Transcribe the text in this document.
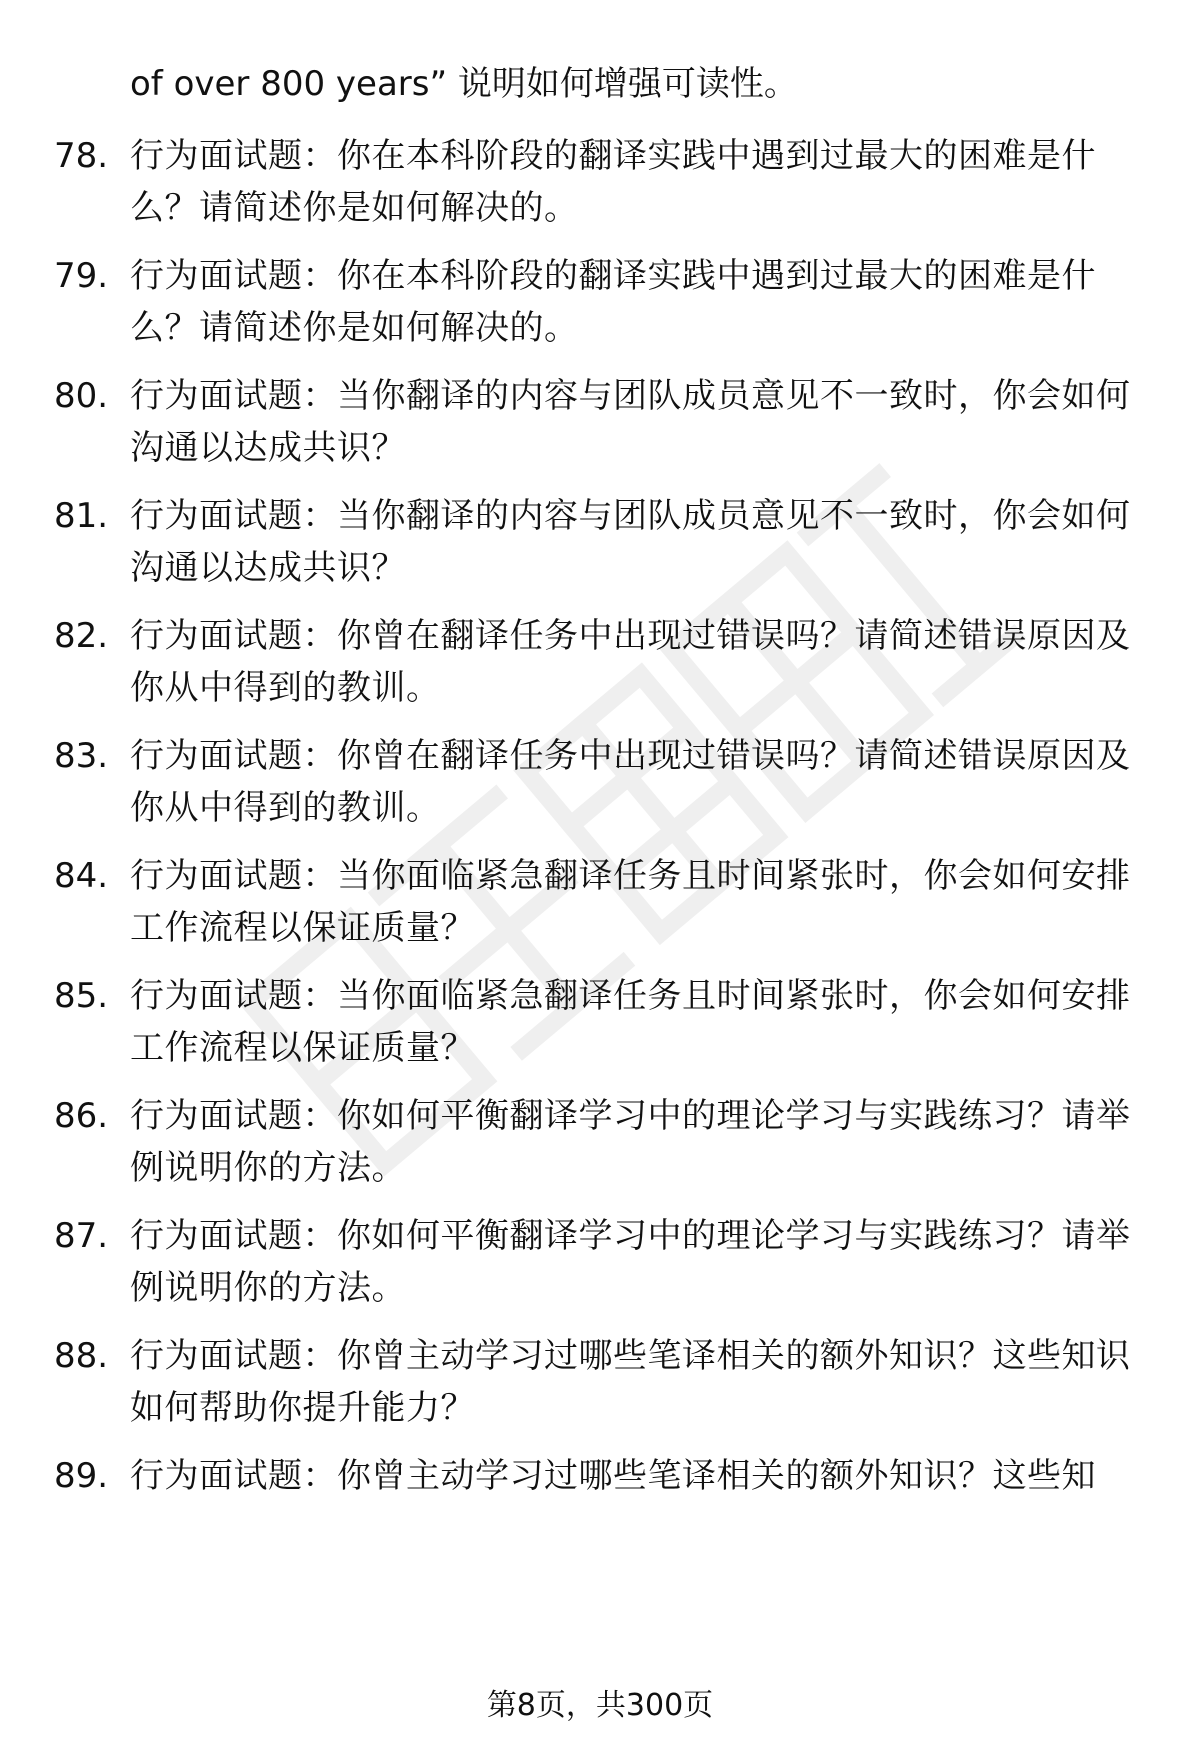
of over 800 years” 说明如何增强可读性。
78. 行为面试题：你在本科阶段的翻译实践中遇到过最大的困难是什么？请简述你是如何解决的。
79. 行为面试题：你在本科阶段的翻译实践中遇到过最大的困难是什么？请简述你是如何解决的。
80. 行为面试题：当你翻译的内容与团队成员意见不一致时，你会如何沟通以达成共识？
81. 行为面试题：当你翻译的内容与团队成员意见不一致时，你会如何沟通以达成共识？
82. 行为面试题：你曾在翻译任务中出现过错误吗？请简述错误原因及你从中得到的教训。
83. 行为面试题：你曾在翻译任务中出现过错误吗？请简述错误原因及你从中得到的教训。
84. 行为面试题：当你面临紧急翻译任务且时间紧张时，你会如何安排工作流程以保证质量？
85. 行为面试题：当你面临紧急翻译任务且时间紧张时，你会如何安排工作流程以保证质量？
86. 行为面试题：你如何平衡翻译学习中的理论学习与实践练习？请举例说明你的方法。
87. 行为面试题：你如何平衡翻译学习中的理论学习与实践练习？请举例说明你的方法。
88. 行为面试题：你曾主动学习过哪些笔译相关的额外知识？这些知识如何帮助你提升能力？
89. 行为面试题：你曾主动学习过哪些笔译相关的额外知识？这些知
第8页，共300页
